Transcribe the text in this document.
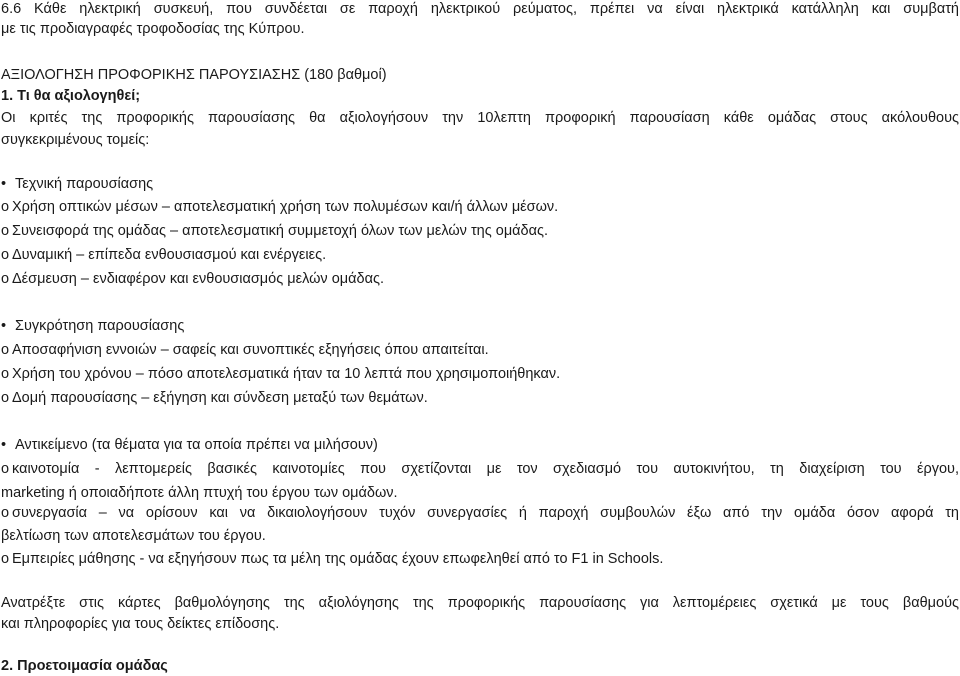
6.6 Κάθε ηλεκτρική συσκευή, που συνδέεται σε παροχή ηλεκτρικού ρεύματος, πρέπει να είναι ηλεκτρικά κατάλληλη και συμβατή
με τις προδιαγραφές τροφοδοσίας της Κύπρου.
ΑΞΙΟΛΟΓΗΣΗ ΠΡΟΦΟΡΙΚΗΣ ΠΑΡΟΥΣΙΑΣΗΣ (180 βαθμοί)
1. Τι θα αξιολογηθεί;
Οι κριτές της προφορικής παρουσίασης θα αξιολογήσουν την 10λεπτη προφορική παρουσίαση κάθε ομάδας στους ακόλουθους
συγκεκριμένους τομείς:
• Τεχνική παρουσίασης
o Χρήση οπτικών μέσων – αποτελεσματική χρήση των πολυμέσων και/ή άλλων μέσων.
o Συνεισφορά της ομάδας – αποτελεσματική συμμετοχή όλων των μελών της ομάδας.
o Δυναμική – επίπεδα ενθουσιασμού και ενέργειες.
o Δέσμευση – ενδιαφέρον και ενθουσιασμός μελών ομάδας.
• Συγκρότηση παρουσίασης
o Αποσαφήνιση εννοιών – σαφείς και συνοπτικές εξηγήσεις όπου απαιτείται.
o Χρήση του χρόνου – πόσο αποτελεσματικά ήταν τα 10 λεπτά που χρησιμοποιήθηκαν.
o Δομή παρουσίασης – εξήγηση και σύνδεση μεταξύ των θεμάτων.
• Αντικείμενο (τα θέματα για τα οποία πρέπει να μιλήσουν)
o καινοτομία - λεπτομερείς βασικές καινοτομίες που σχετίζονται με τον σχεδιασμό του αυτοκινήτου, τη διαχείριση του έργου,
marketing ή οποιαδήποτε άλλη πτυχή του έργου των ομάδων.
o συνεργασία – να ορίσουν και να δικαιολογήσουν τυχόν συνεργασίες ή παροχή συμβουλών έξω από την ομάδα όσον αφορά τη
βελτίωση των αποτελεσμάτων του έργου.
o Εμπειρίες μάθησης - να εξηγήσουν πως τα μέλη της ομάδας έχουν επωφεληθεί από το F1 in Schools.
Ανατρέξτε στις κάρτες βαθμολόγησης της αξιολόγησης της προφορικής παρουσίασης για λεπτομέρειες σχετικά με τους βαθμούς
και πληροφορίες για τους δείκτες επίδοσης.
2. Προετοιμασία ομάδας
